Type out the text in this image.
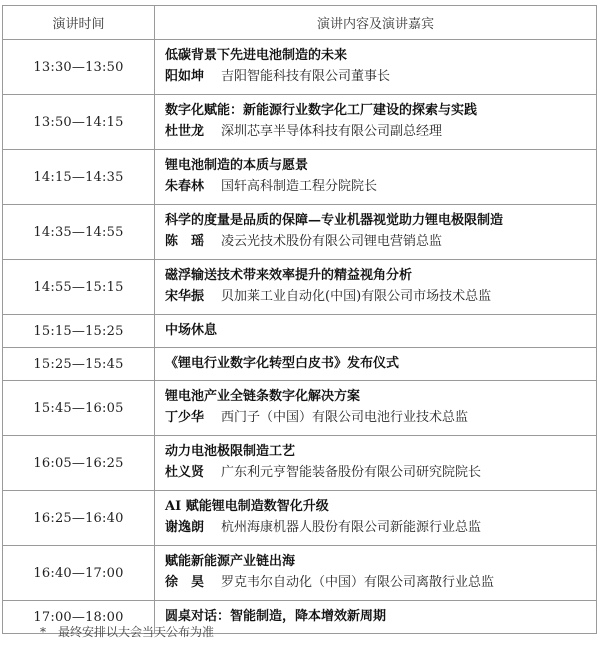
演讲时间	演讲内容及演讲嘉宾
13:30—13:50	低碳背景下先进电池制造的未来
阳如坤 吉阳智能科技有限公司董事长

13:50—14:15	数字化赋能：新能源行业数字化工厂建设的探索与实践
杜世龙 深圳芯享半导体科技有限公司副总经理

14:15—14:35	锂电池制造的本质与愿景
朱春林 国轩高科制造工程分院院长

14:35—14:55	科学的度量是品质的保障—专业机器视觉助力锂电极限制造
陈　瑶 凌云光技术股份有限公司锂电营销总监

14:55—15:15	磁浮输送技术带来效率提升的精益视角分析
宋华振 贝加莱工业自动化(中国)有限公司市场技术总监

15:15—15:25	中场休息

15:25—15:45	《锂电行业数字化转型白皮书》发布仪式

15:45—16:05	锂电池产业全链条数字化解决方案
丁少华 西门子（中国）有限公司电池行业技术总监

16:05—16:25	动力电池极限制造工艺
杜义贤 广东利元亨智能装备股份有限公司研究院院长

16:25—16:40	AI 赋能锂电制造数智化升级
谢逸朗 杭州海康机器人股份有限公司新能源行业总监

16:40—17:00	赋能新能源产业链出海
徐　昊 罗克韦尔自动化（中国）有限公司离散行业总监

17:00—18:00	圆桌对话：智能制造，降本增效新周期
*　最终安排以大会当天公布为准
